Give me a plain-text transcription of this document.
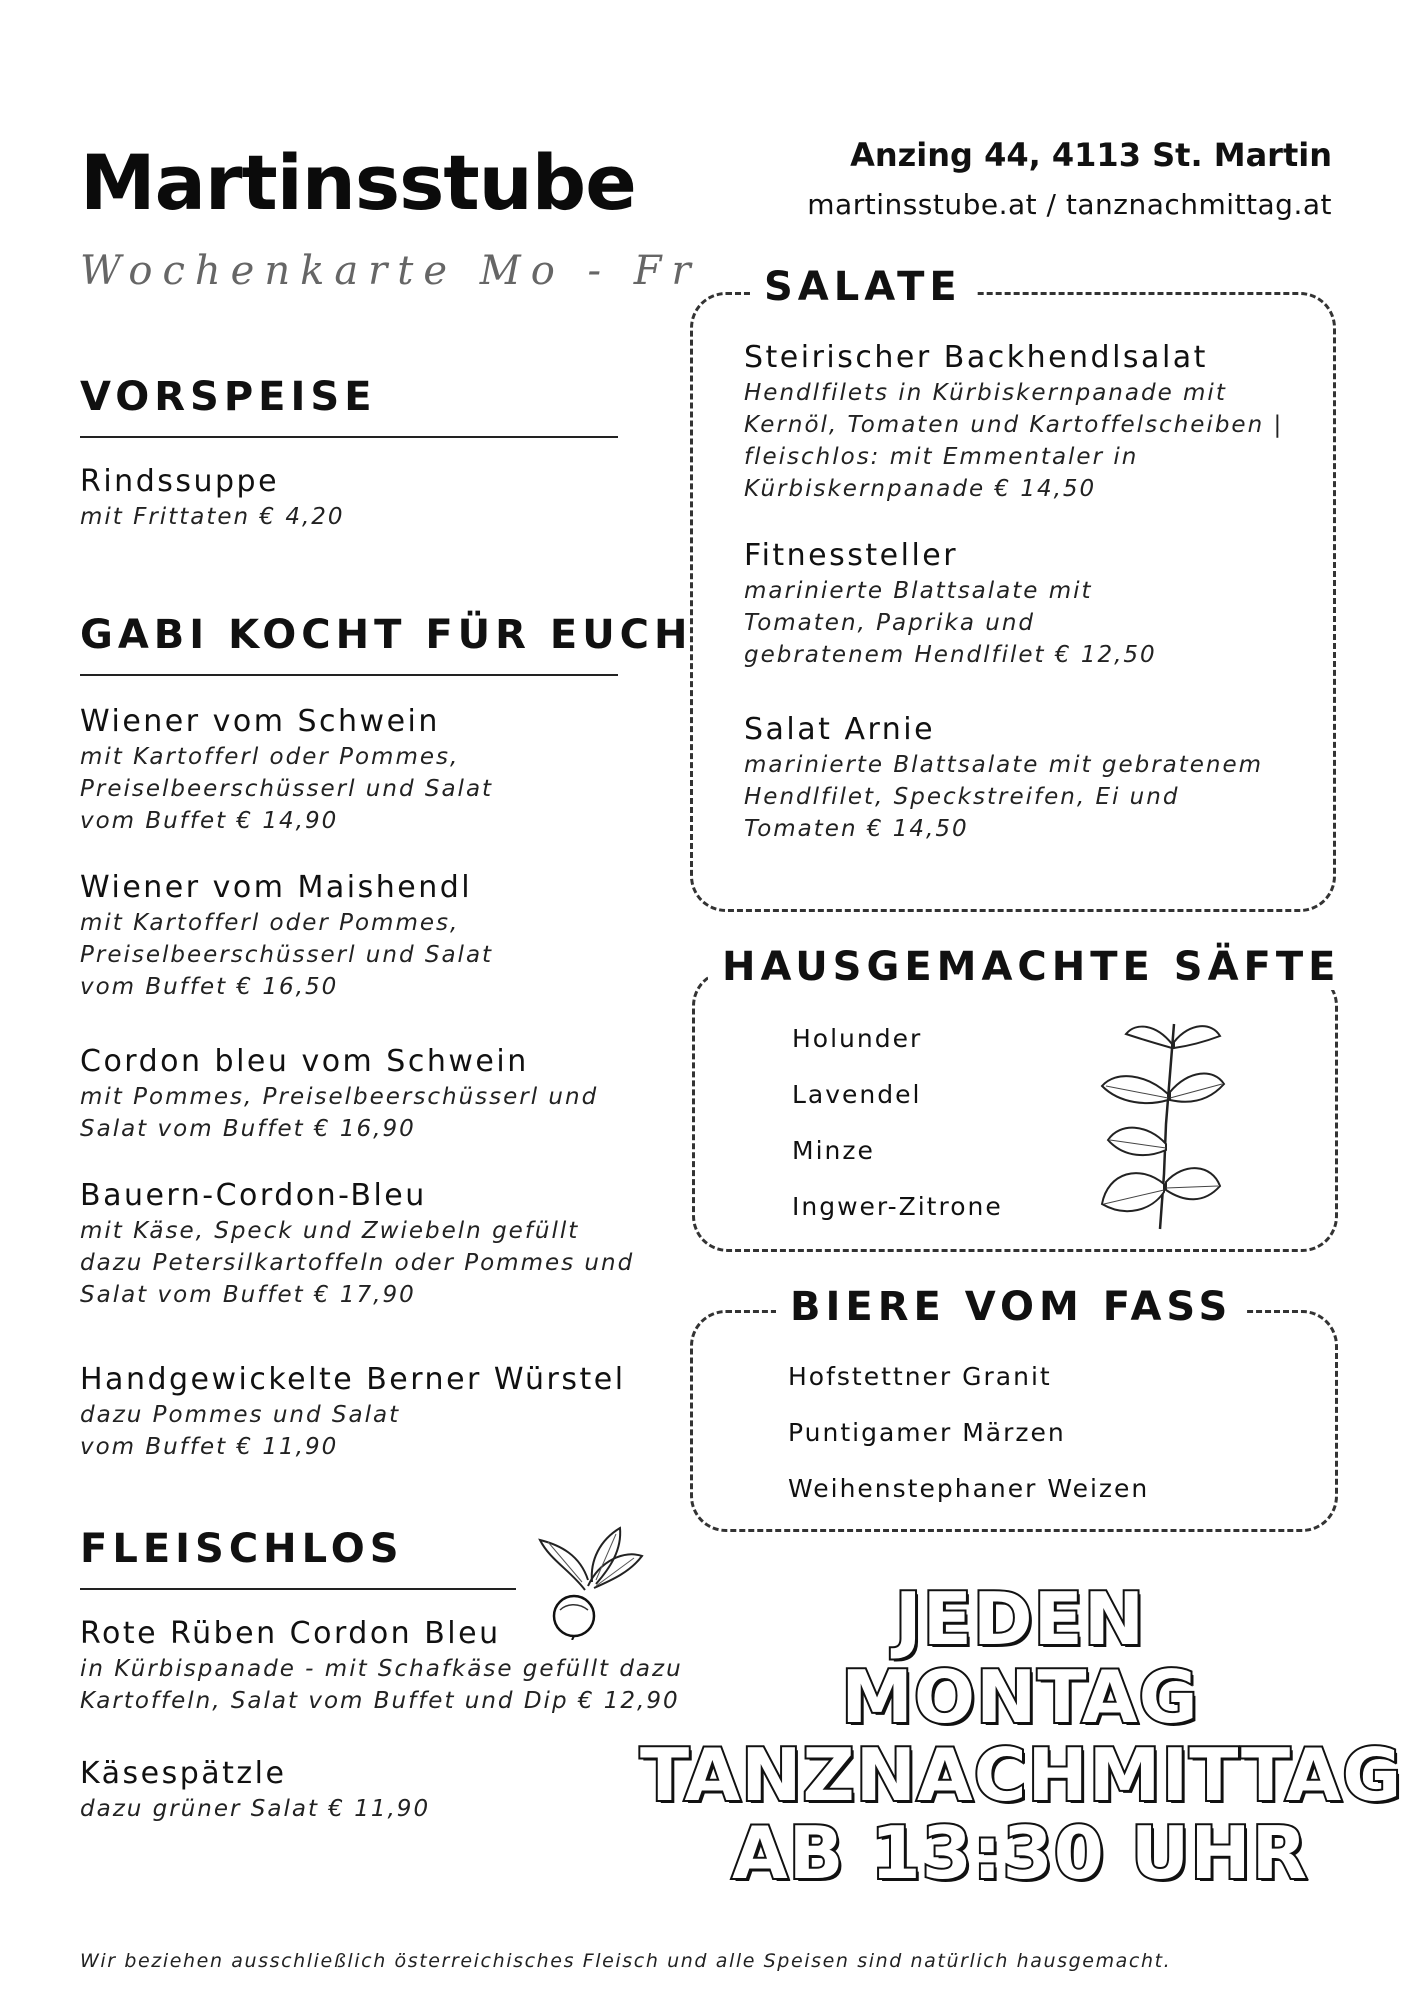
Martinsstube
Wochenkarte Mo - Fr
Anzing 44, 4113 St. Martin
martinsstube.at / tanznachmittag.at
VORSPEISE
Rindssuppe
mit Frittaten € 4,20
GABI KOCHT FÜR EUCH
Wiener vom Schwein
mit Kartofferl oder Pommes,
Preiselbeerschüsserl und Salat
vom Buffet € 14,90
Wiener vom Maishendl
mit Kartofferl oder Pommes,
Preiselbeerschüsserl und Salat
vom Buffet € 16,50
Cordon bleu vom Schwein
mit Pommes, Preiselbeerschüsserl und
Salat vom Buffet € 16,90
Bauern-Cordon-Bleu
mit Käse, Speck und Zwiebeln gefüllt
dazu Petersilkartoffeln oder Pommes und
Salat vom Buffet € 17,90
Handgewickelte Berner Würstel
dazu Pommes und Salat
vom Buffet € 11,90
FLEISCHLOS
Rote Rüben Cordon Bleu
in Kürbispanade - mit Schafkäse gefüllt dazu
Kartoffeln, Salat vom Buffet und Dip € 12,90
Käsespätzle
dazu grüner Salat € 11,90
SALATE
Steirischer Backhendlsalat
Hendlfilets in Kürbiskernpanade mit
Kernöl, Tomaten und Kartoffelscheiben |
fleischlos: mit Emmentaler in
Kürbiskernpanade € 14,50
Fitnessteller
marinierte Blattsalate mit
Tomaten, Paprika und
gebratenem Hendlfilet € 12,50
Salat Arnie
marinierte Blattsalate mit gebratenem
Hendlfilet, Speckstreifen, Ei und
Tomaten € 14,50
HAUSGEMACHTE SÄFTE
Holunder
Lavendel
Minze
Ingwer-Zitrone
BIERE VOM FASS
Hofstettner Granit
Puntigamer Märzen
Weihenstephaner Weizen
JEDEN
MONTAG
TANZNACHMITTAG
AB 13:30 UHR
Wir beziehen ausschließlich österreichisches Fleisch und alle Speisen sind natürlich hausgemacht.
